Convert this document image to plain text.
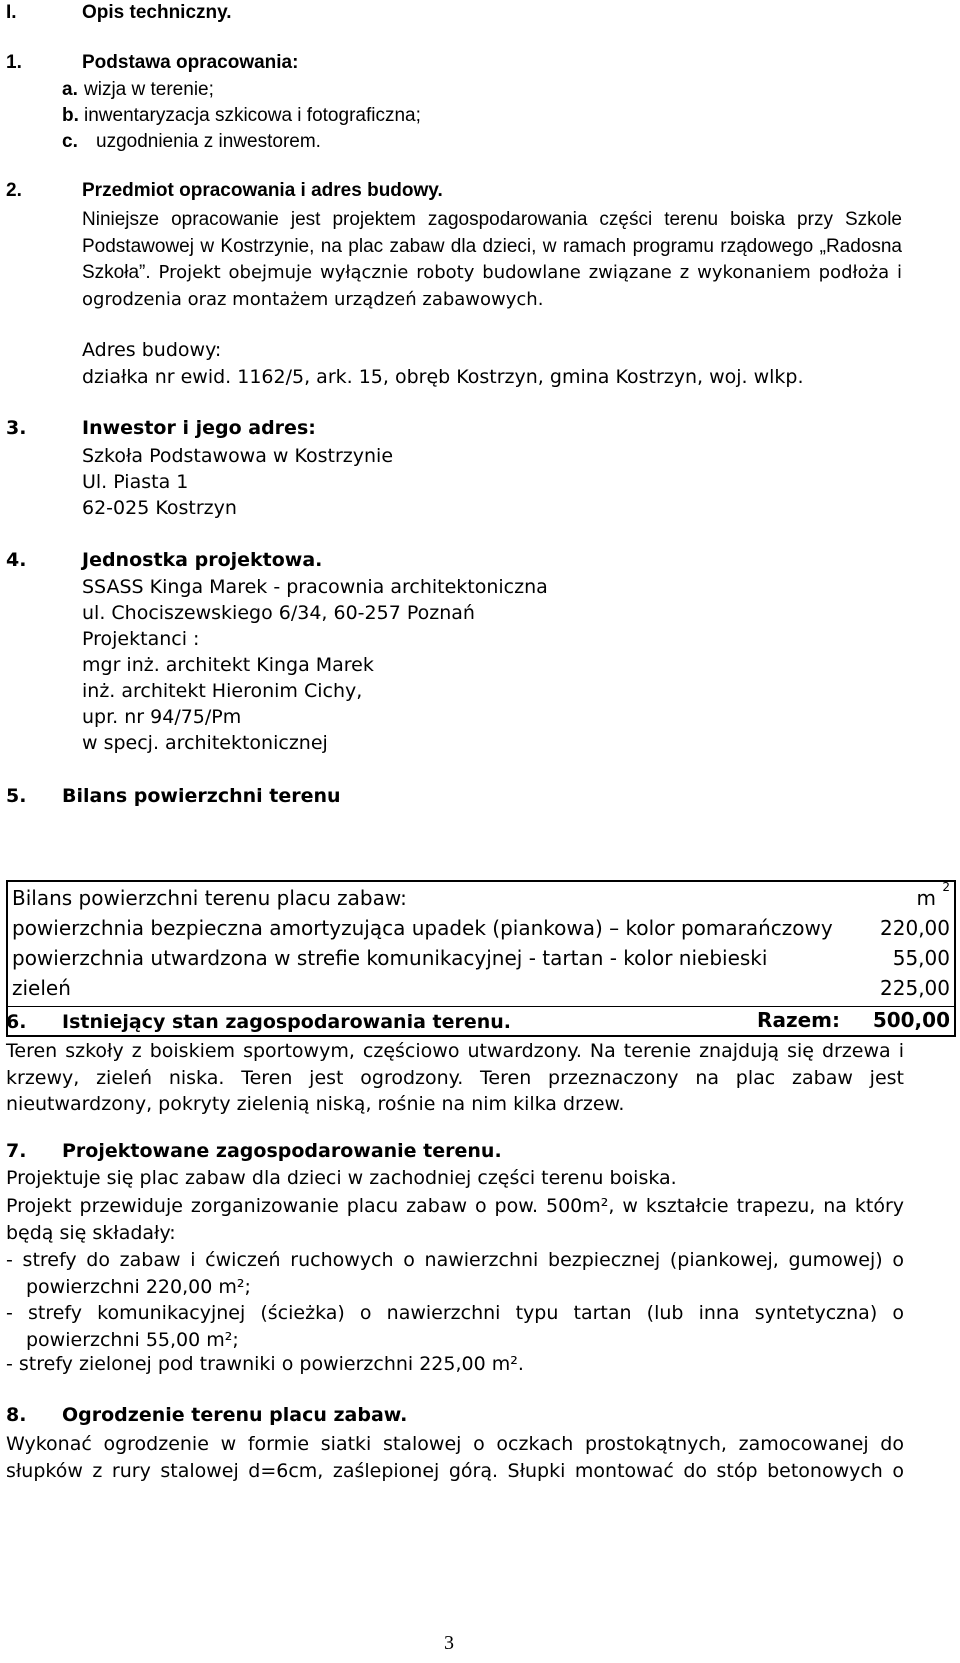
I.	Opis techniczny.
1.	Podstawa opracowania:
a. wizja w terenie;
b. inwentaryzacja szkicowa i fotograficzna;
c. uzgodnienia z inwestorem.
2.	Przedmiot opracowania i adres budowy.
Niniejsze opracowanie jest projektem zagospodarowania części terenu boiska przy Szkole Podstawowej w Kostrzynie, na plac zabaw dla dzieci, w ramach programu rządowego „Radosna Szkoła”. Projekt obejmuje wyłącznie roboty budowlane związane z wykonaniem podłoża i ogrodzenia oraz montażem urządzeń zabawowych.
Adres budowy:
działka nr ewid. 1162/5, ark. 15, obręb Kostrzyn, gmina Kostrzyn, woj. wlkp.
3.	Inwestor i jego adres:
Szkoła Podstawowa w Kostrzynie
Ul. Piasta 1
62-025 Kostrzyn
4.	Jednostka projektowa.
SSASS Kinga Marek - pracownia architektoniczna
ul. Chociszewskiego 6/34, 60-257 Poznań
Projektanci :
mgr inż. architekt Kinga Marek
inż. architekt Hieronim Cichy,
upr. nr 94/75/Pm
w specj. architektonicznej
5. Bilans powierzchni terenu
Bilans powierzchni terenu placu zabaw:	m $^2$
powierzchnia bezpieczna amortyzująca upadek (piankowa) – kolor pomarańczowy 220,00
powierzchnia utwardzona w strefie komunikacyjnej - tartan - kolor niebieski	55,00
zieleń	225,00
Razem: 500,00
6. Istniejący stan zagospodarowania terenu.
Teren szkoły z boiskiem sportowym, częściowo utwardzony. Na terenie znajdują się drzewa i krzewy, zieleń niska. Teren jest ogrodzony. Teren przeznaczony na plac zabaw jest nieutwardzony, pokryty zielenią niską, rośnie na nim kilka drzew.
7. Projektowane zagospodarowanie terenu.
Projektuje się plac zabaw dla dzieci w zachodniej części terenu boiska.
Projekt przewiduje zorganizowanie placu zabaw o pow. 500m², w kształcie trapezu, na który będą się składały:
- strefy do zabaw i ćwiczeń ruchowych o nawierzchni bezpiecznej (piankowej, gumowej) o powierzchni 220,00 m²;
- strefy komunikacyjnej (ścieżka) o nawierzchni typu tartan (lub inna syntetyczna) o powierzchni 55,00 m²;
- strefy zielonej pod trawniki o powierzchni 225,00 m².
8. Ogrodzenie terenu placu zabaw.
Wykonać ogrodzenie w formie siatki stalowej o oczkach prostokątnych, zamocowanej do słupków z rury stalowej d=6cm, zaślepionej górą. Słupki montować do stóp betonowych o
3
